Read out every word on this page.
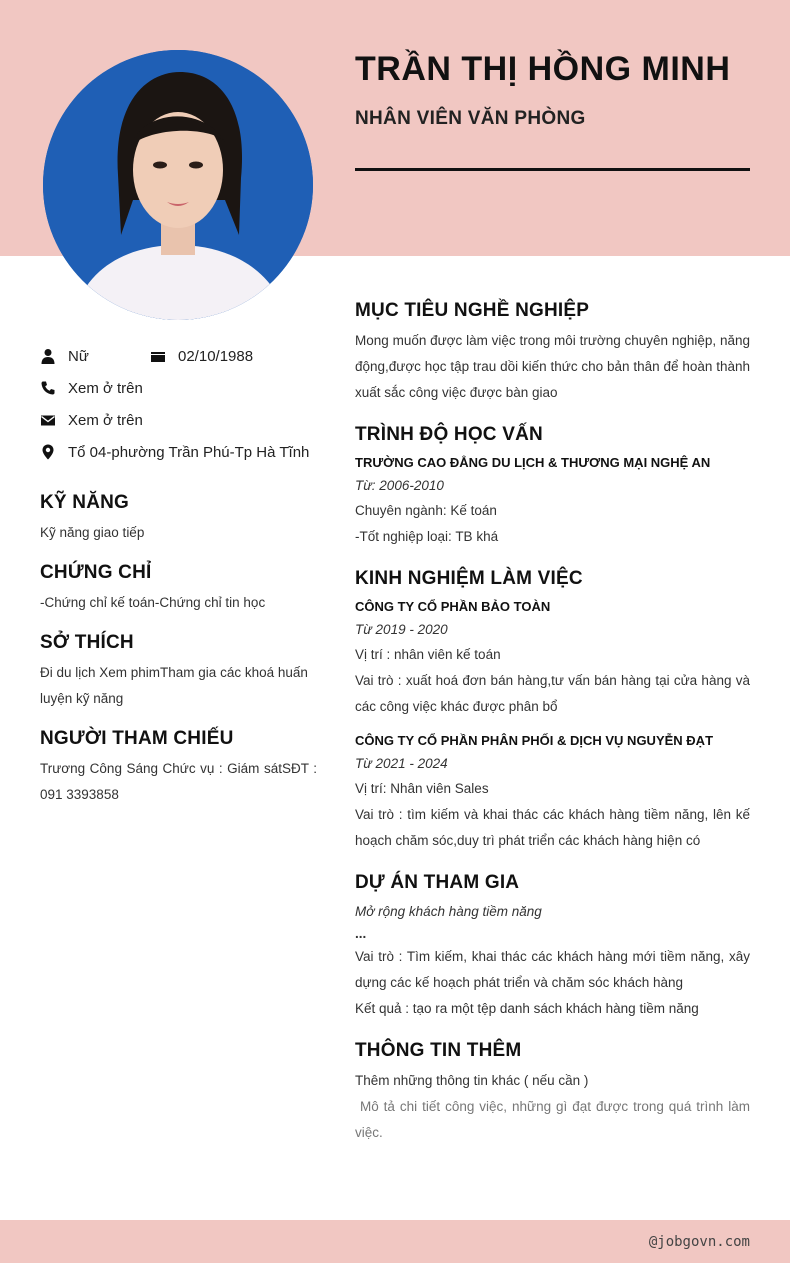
TRẦN THỊ HỒNG MINH
NHÂN VIÊN VĂN PHÒNG
Nữ	02/10/1988
Xem ở trên
Xem ở trên
Tổ 04-phường Trần Phú-Tp Hà Tĩnh
KỸ NĂNG

Kỹ năng giao tiếp

CHỨNG CHỈ

-Chứng chỉ kế toán-Chứng chỉ tin học

SỞ THÍCH

Đi du lịch Xem phimTham gia các khoá huấn luyện kỹ năng

NGƯỜI THAM CHIẾU

Trương Công Sáng Chức vụ : Giám sátSĐT : 091 3393858

MỤC TIÊU NGHỀ NGHIỆP

Mong muốn được làm việc trong môi trường chuyên nghiệp, năng động,được học tập trau dồi kiến thức cho bản thân để hoàn thành xuất sắc công việc được bàn giao

TRÌNH ĐỘ HỌC VẤN

TRƯỜNG CAO ĐẲNG DU LỊCH & THƯƠNG MẠI NGHỆ AN

Từ: 2006-2010

Chuyên ngành: Kế toán

-Tốt nghiệp loại: TB khá

KINH NGHIỆM LÀM VIỆC

CÔNG TY CỔ PHẦN BẢO TOÀN

Từ 2019 - 2020

Vị trí : nhân viên kế toán

Vai trò : xuất hoá đơn bán hàng,tư vấn bán hàng tại cửa hàng và các công việc khác được phân bổ

CÔNG TY CỔ PHẦN PHÂN PHỐI & DỊCH VỤ NGUYỄN ĐẠT

Từ 2021 - 2024

Vị trí: Nhân viên Sales

Vai trò : tìm kiếm và khai thác các khách hàng tiềm năng, lên kế hoạch chăm sóc,duy trì phát triển các khách hàng hiện có

DỰ ÁN THAM GIA

Mở rộng khách hàng tiềm năng

...

Vai trò : Tìm kiếm, khai thác các khách hàng mới tiềm năng, xây dựng các kế hoạch phát triển và chăm sóc khách hàng

Kết quả : tạo ra một tệp danh sách khách hàng tiềm năng

THÔNG TIN THÊM

Thêm những thông tin khác ( nếu cần )

Mô tả chi tiết công việc, những gì đạt được trong quá trình làm việc.

@jobgovn.com
